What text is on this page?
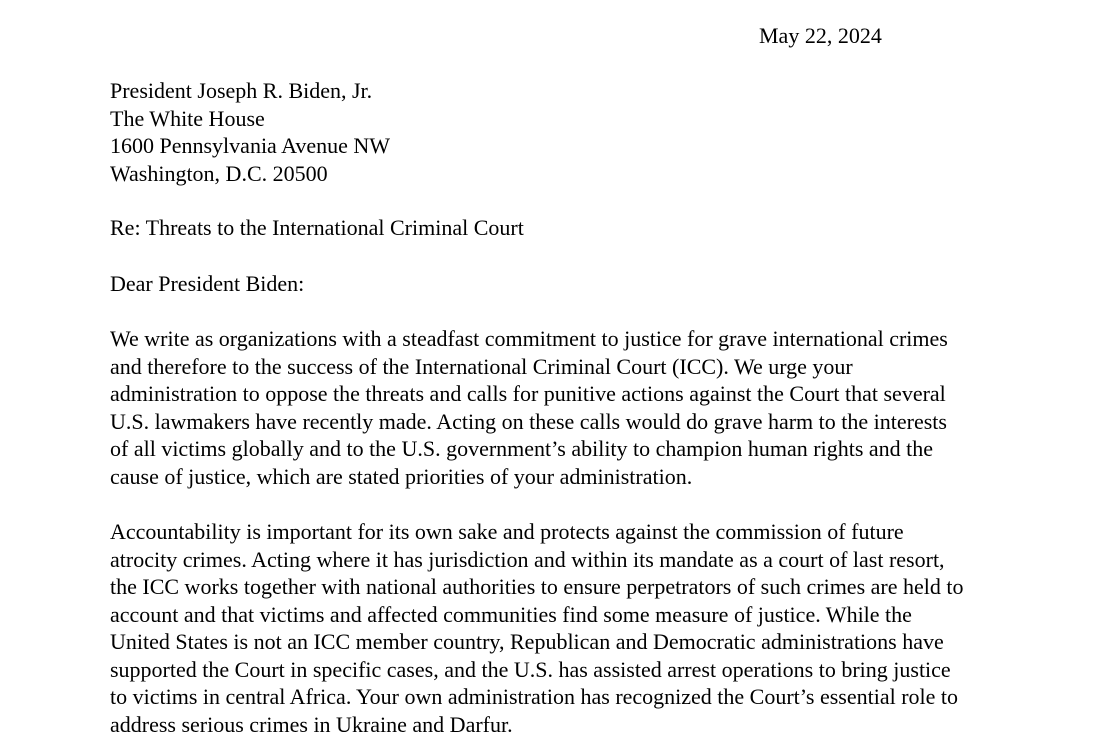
May 22, 2024
President Joseph R. Biden, Jr.
The White House
1600 Pennsylvania Avenue NW
Washington, D.C. 20500
Re: Threats to the International Criminal Court
Dear President Biden:
We write as organizations with a steadfast commitment to justice for grave international crimes
and therefore to the success of the International Criminal Court (ICC). We urge your
administration to oppose the threats and calls for punitive actions against the Court that several
U.S. lawmakers have recently made. Acting on these calls would do grave harm to the interests
of all victims globally and to the U.S. government’s ability to champion human rights and the
cause of justice, which are stated priorities of your administration.
Accountability is important for its own sake and protects against the commission of future
atrocity crimes. Acting where it has jurisdiction and within its mandate as a court of last resort,
the ICC works together with national authorities to ensure perpetrators of such crimes are held to
account and that victims and affected communities find some measure of justice. While the
United States is not an ICC member country, Republican and Democratic administrations have
supported the Court in specific cases, and the U.S. has assisted arrest operations to bring justice
to victims in central Africa. Your own administration has recognized the Court’s essential role to
address serious crimes in Ukraine and Darfur.
